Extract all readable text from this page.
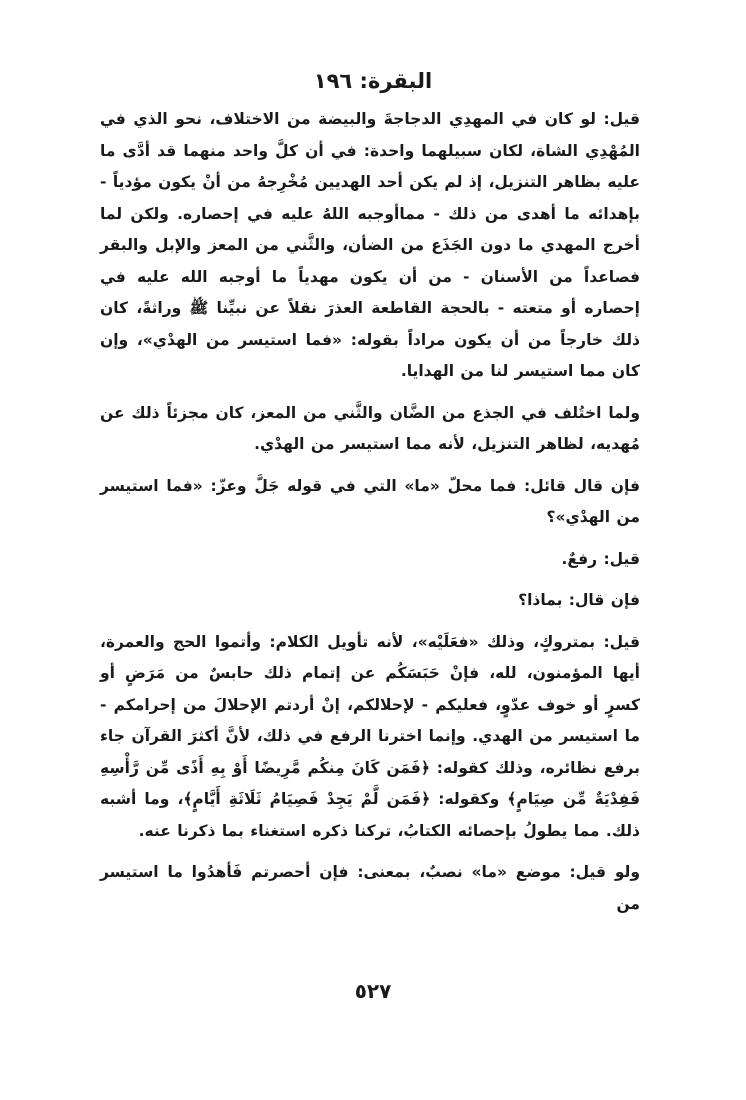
البقرة: ١٩٦

قيل: لو كان في المهدِي الدجاجةَ والبيضة من الاختلاف، نحو الذي في المُهْدِي الشاة، لكان سبيلهما واحدة: في أن كلَّ واحد منهما قد أدَّى ما عليه بظاهر التنزيل، إذ لم يكن أحد الهديين مُخْرِجهُ من أنْ يكون مؤدياً - بإهدائه ما أهدى من ذلك - مماأوجبه اللهُ عليه في إحصاره. ولكن لما أخرج المهدي ما دون الجَذَع من الضأن، والثَّني من المعز والإبل والبقر فصاعداً من الأسنان - من أن يكون مهدياً ما أوجبه الله عليه في إحصاره أو متعته - بالحجة القاطعة العذرَ نقلاً عن نبيِّنا ﷺ وراثةً، كان ذلك خارجاً من أن يكون مراداً بقوله: «فما استيسر من الهدْي»، وإن كان مما استيسر لنا من الهدايا.

ولما اختُلف في الجذع من الضَّان والثَّني من المعز، كان مجزئاً ذلك عن مُهديه، لظاهر التنزيل، لأنه مما استيسر من الهدْي.

فإن قال قائل: فما محلّ «ما» التي في قوله جَلَّ وعزّ: «فما استيسر من الهدْي»؟

قيل: رفعٌ.

فإن قال: بماذا؟

قيل: بمتروكٍ، وذلك «فعَلَيْه»، لأنه تأويل الكلام: وأتموا الحج والعمرة، أيها المؤمنون، لله، فإنْ حَبَسَكُم عن إتمام ذلك حابسٌ من مَرَضٍ أو كسرٍ أو خوف عدّوٍ، فعليكم - لإحلالكم، إنْ أردتم الإحلالَ من إحرامكم - ما استيسر من الهدي. وإنما اخترنا الرفع في ذلك، لأنَّ أكثرَ القرآن جاء برفع نظائره، وذلك كقوله: ﴿فَمَن كَانَ مِنكُم مَّرِيضًا أَوْ بِهِ أَذًى مِّن رَّأْسِهِ فَفِدْيَةٌ مِّن صِيَامٍ﴾ وكقوله: ﴿فَمَن لَّمْ يَجِدْ فَصِيَامُ ثَلَاثَةِ أَيَّامٍ﴾، وما أشبه ذلك. مما يطولُ بإحصائه الكتابُ، تركنا ذكره استغناء بما ذكرنا عنه.

ولو قيل: موضع «ما» نصبٌ، بمعنى: فإن أحصرتم فَأهدُوا ما استيسر من

٥٢٧
